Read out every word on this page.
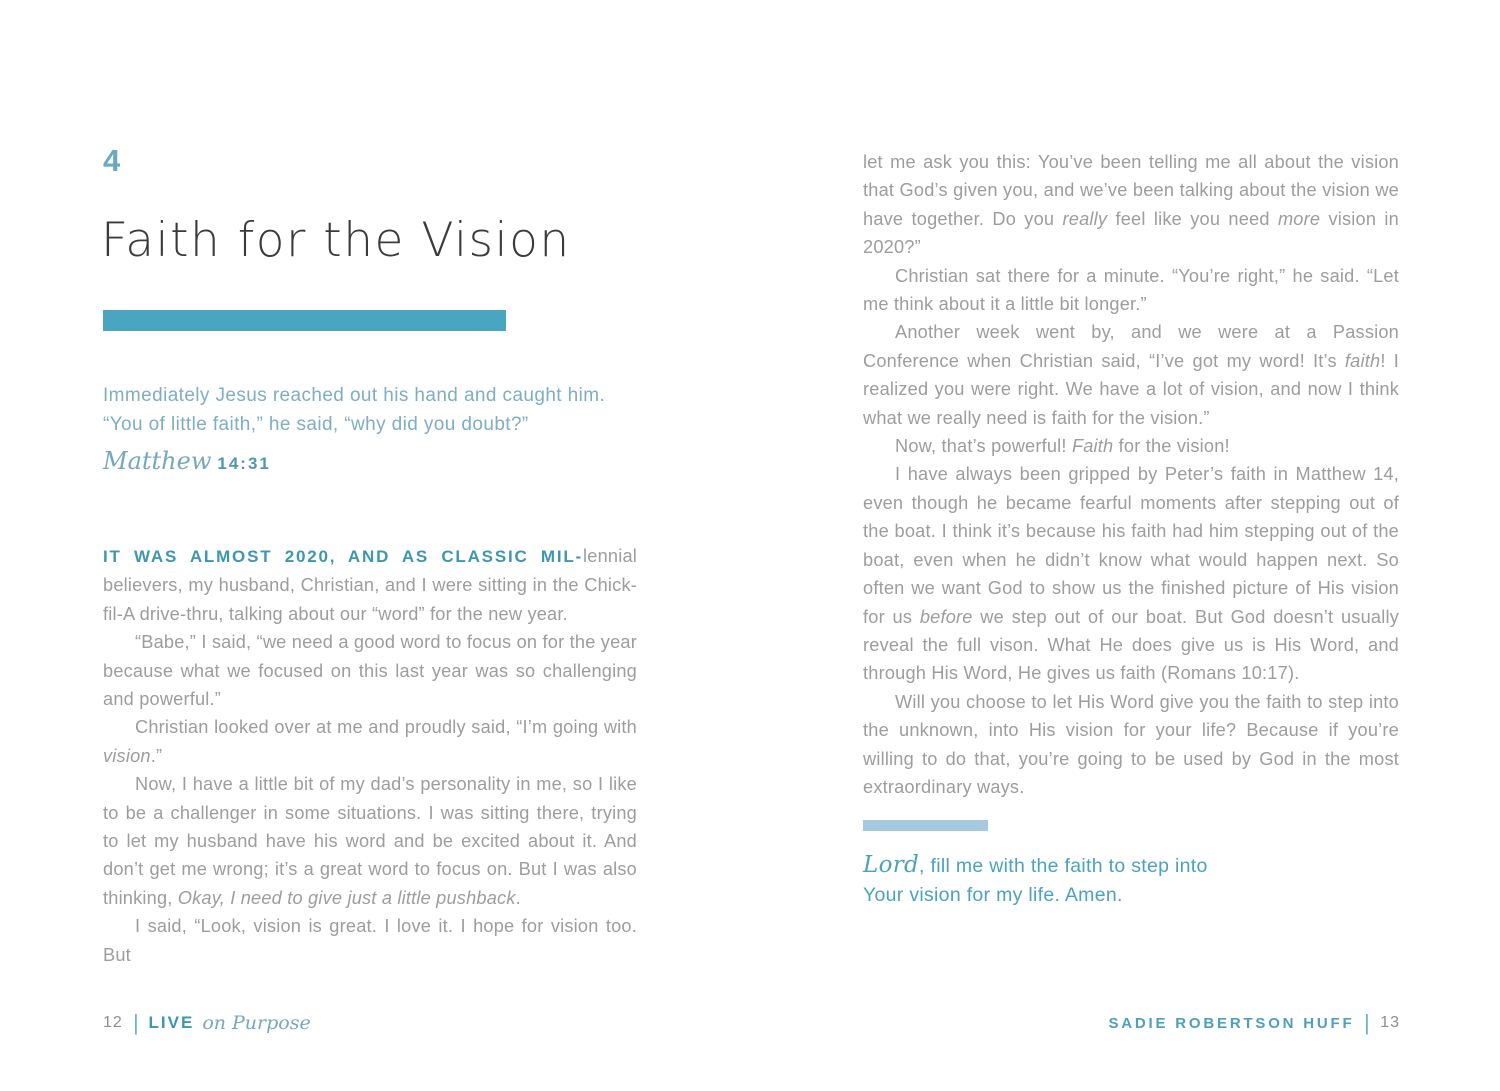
4
Faith for the Vision
Immediately Jesus reached out his hand and caught him.
“You of little faith,” he said, “why did you doubt?”
Matthew 14:31
IT WAS ALMOST 2020, AND AS CLASSIC MIL-lennial believers, my husband, Christian, and I were sitting in the Chick-fil-A drive-thru, talking about our “word” for the new year.
“Babe,” I said, “we need a good word to focus on for the year because what we focused on this last year was so challenging and powerful.”
Christian looked over at me and proudly said, “I’m going with vision.”
Now, I have a little bit of my dad’s personality in me, so I like to be a challenger in some situations. I was sitting there, trying to let my husband have his word and be excited about it. And don’t get me wrong; it’s a great word to focus on. But I was also thinking, Okay, I need to give just a little pushback.
I said, “Look, vision is great. I love it. I hope for vision too. But
12 | LIVE on Purpose
let me ask you this: You’ve been telling me all about the vision that God’s given you, and we’ve been talking about the vision we have together. Do you really feel like you need more vision in 2020?”
Christian sat there for a minute. “You’re right,” he said. “Let me think about it a little bit longer.”
Another week went by, and we were at a Passion Conference when Christian said, “I’ve got my word! It’s faith! I realized you were right. We have a lot of vision, and now I think what we really need is faith for the vision.”
Now, that’s powerful! Faith for the vision!
I have always been gripped by Peter’s faith in Matthew 14, even though he became fearful moments after stepping out of the boat. I think it’s because his faith had him stepping out of the boat, even when he didn’t know what would happen next. So often we want God to show us the finished picture of His vision for us before we step out of our boat. But God doesn’t usually reveal the full vison. What He does give us is His Word, and through His Word, He gives us faith (Romans 10:17).
Will you choose to let His Word give you the faith to step into the unknown, into His vision for your life? Because if you’re willing to do that, you’re going to be used by God in the most extraordinary ways.
Lord, fill me with the faith to step into
Your vision for my life. Amen.
SADIE ROBERTSON HUFF | 13
